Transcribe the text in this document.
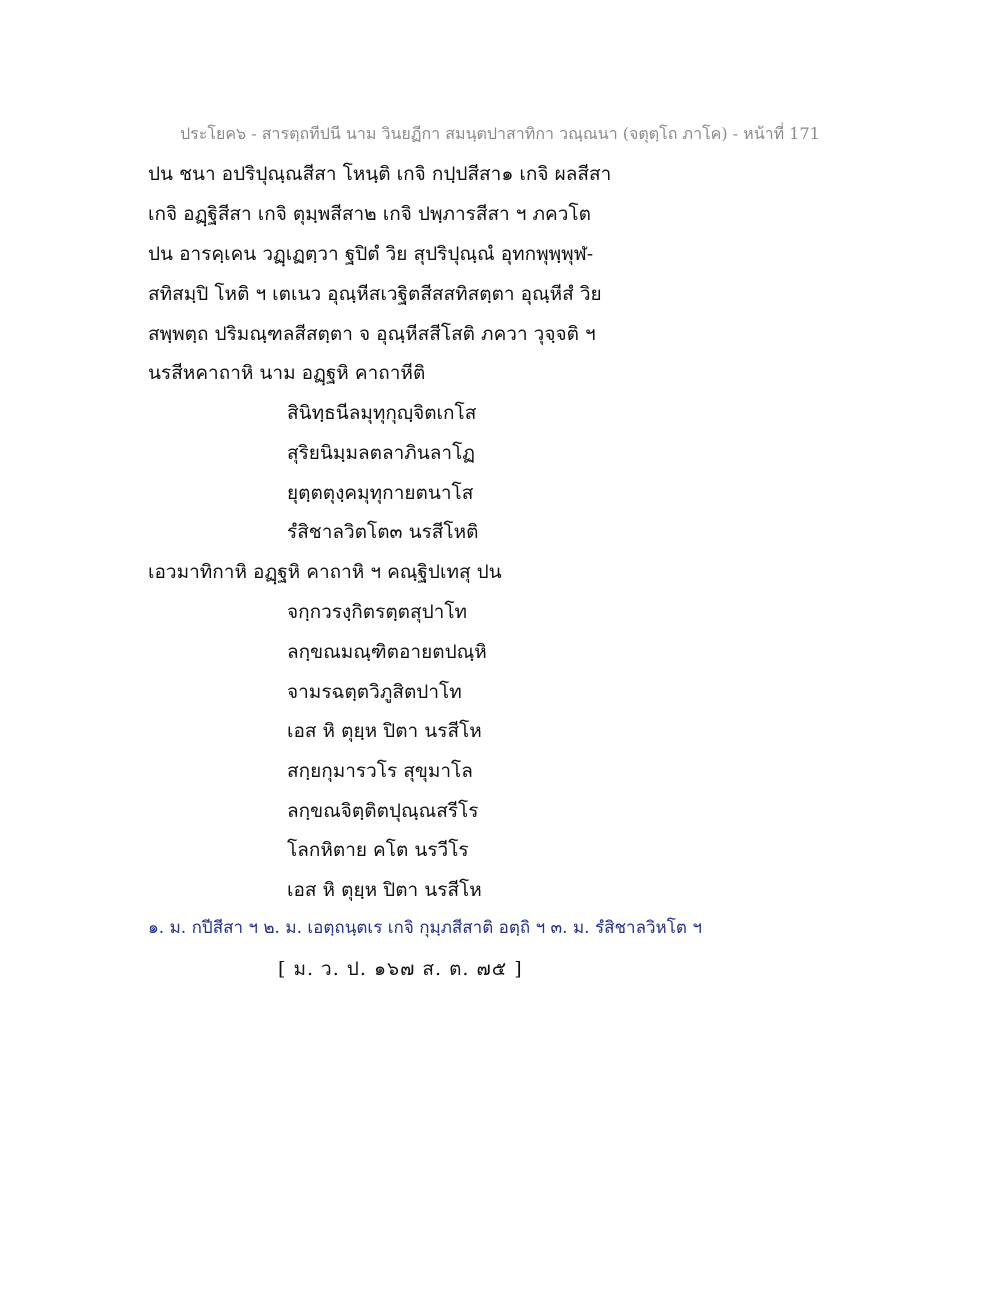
ประโยค๖ - สารตฺถทีปนี นาม วินยฏีกา สมนฺตปาสาทิกา วณฺณนา (จตุตฺโถ ภาโค) - หน้าที่ 171
ปน ชนา อปริปุณฺณสีสา โหนฺติ เกจิ กปฺปสีสา๑ เกจิ ผลสีสา
เกจิ อฏฺฐิสีสา เกจิ ตุมฺพสีสา๒ เกจิ ปพฺภารสีสา ฯ ภควโต
ปน อารคฺเคน วฏฺเฏตฺวา ฐปิตํ วิย สุปริปุณฺณํ อุทกพุพฺพุฬ-
สทิสมฺปิ โหติ ฯ เตเนว อุณฺหีสเวฐิตสีสสทิสตฺตา อุณฺหีสํ วิย
สพฺพตฺถ ปริมณฺฑลสีสตฺตา จ อุณฺหีสสีโสติ ภควา วุจฺจติ ฯ
นรสีหคาถาหิ นาม อฏฺฐหิ คาถาหีติ
สินิทฺธนีลมุทุกุญฺจิตเกโส
สุริยนิมฺมลตลาภินลาโฏ
ยุตฺตตุงฺคมุทุกายตนาโส
รํสิชาลวิตโต๓ นรสีโหติ
เอวมาทิกาหิ อฏฺฐหิ คาถาหิ ฯ คณฺฐิปเทสุ ปน
จกฺกวรงฺกิตรตฺตสุปาโท
ลกฺขณมณฺฑิตอายตปณฺหิ
จามรฉตฺตวิภูสิตปาโท
เอส หิ ตุยฺห ปิตา นรสีโห
สกฺยกุมารวโร สุขุมาโล
ลกฺขณจิตฺติตปุณฺณสรีโร
โลกหิตาย คโต นรวีโร
เอส หิ ตุยฺห ปิตา นรสีโห
๑. ม. กปีสีสา ฯ ๒. ม. เอตฺถนฺตเร เกจิ กุมฺภสีสาติ อตฺถิ ฯ ๓. ม. รํสิชาลวิหโต ฯ
[ ม. ว. ป. ๑๖๗ ส. ต. ๗๕ ]
